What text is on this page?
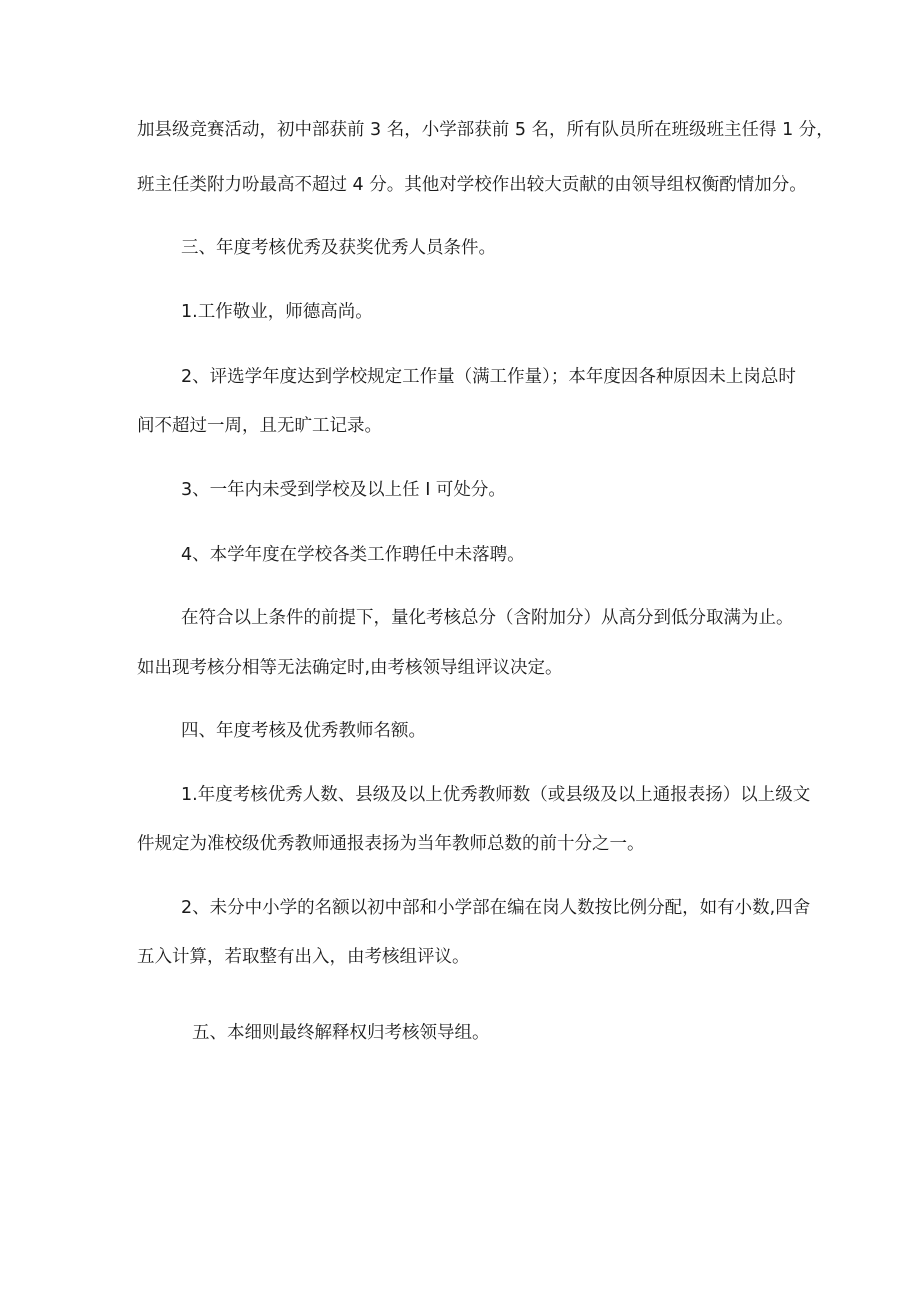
加县级竞赛活动，初中部获前 3 名，小学部获前 5 名，所有队员所在班级班主任得 1 分，
班主任类附力吩最高不超过 4 分。其他对学校作出较大贡献的由领导组权衡酌情加分。
三、年度考核优秀及获奖优秀人员条件。
1.工作敬业，师德高尚。
2、评选学年度达到学校规定工作量（满工作量）；本年度因各种原因未上岗总时
间不超过一周，且无旷工记录。
3、一年内未受到学校及以上任 I 可处分。
4、本学年度在学校各类工作聘任中未落聘。
在符合以上条件的前提下，量化考核总分（含附加分）从高分到低分取满为止。
如出现考核分相等无法确定时,由考核领导组评议决定。
四、年度考核及优秀教师名额。
1.年度考核优秀人数、县级及以上优秀教师数（或县级及以上通报表扬）以上级文
件规定为准校级优秀教师通报表扬为当年教师总数的前十分之一。
2、未分中小学的名额以初中部和小学部在编在岗人数按比例分配，如有小数,四舍
五入计算，若取整有出入，由考核组评议。
五、本细则最终解释权归考核领导组。
